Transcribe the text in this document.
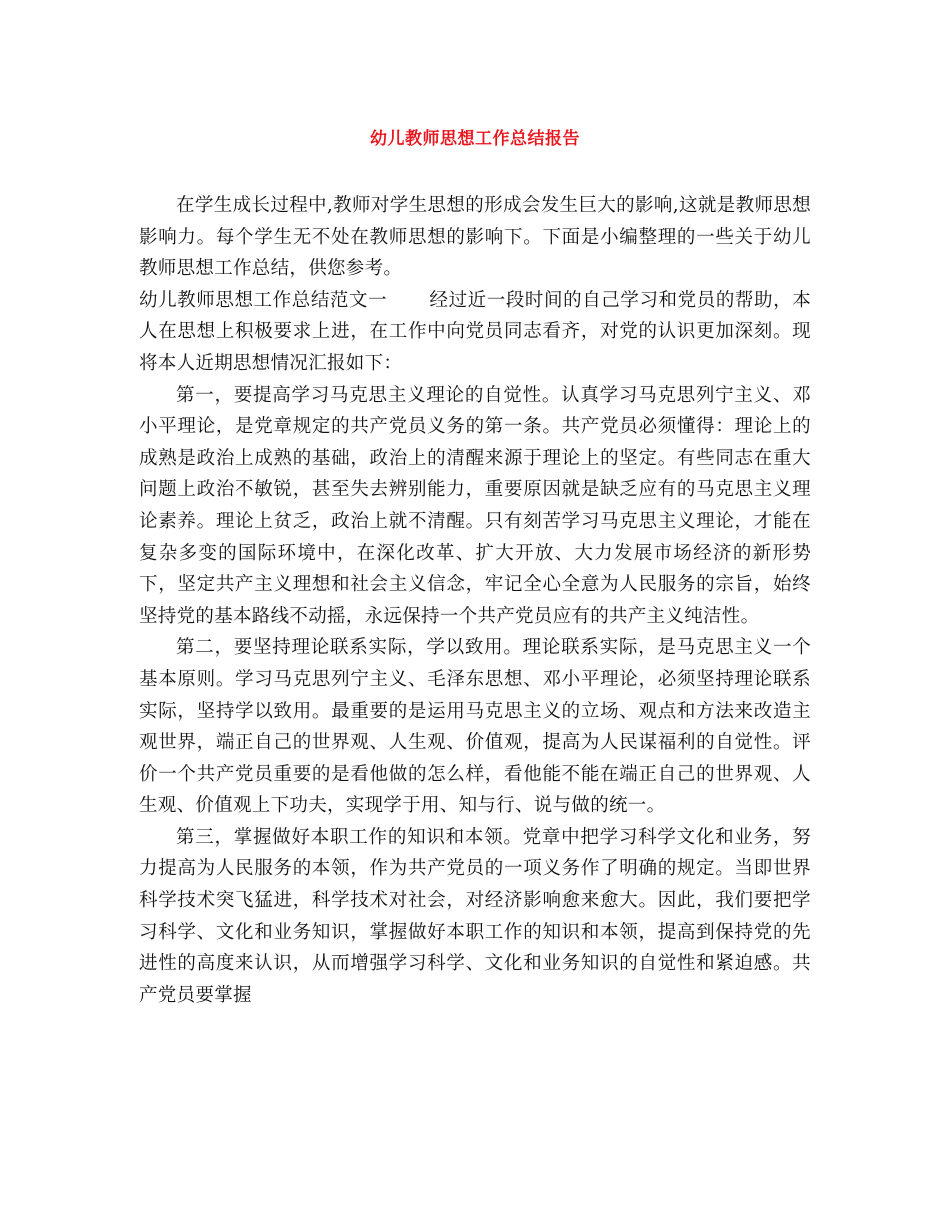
幼儿教师思想工作总结报告

在学生成长过程中,教师对学生思想的形成会发生巨大的影响,这就是教师思想影响力。每个学生无不处在教师思想的影响下。下面是小编整理的一些关于幼儿教师思想工作总结，供您参考。

幼儿教师思想工作总结范文一 经过近一段时间的自己学习和党员的帮助，本人在思想上积极要求上进，在工作中向党员同志看齐，对党的认识更加深刻。现将本人近期思想情况汇报如下：

第一，要提高学习马克思主义理论的自觉性。认真学习马克思列宁主义、邓小平理论，是党章规定的共产党员义务的第一条。共产党员必须懂得：理论上的成熟是政治上成熟的基础，政治上的清醒来源于理论上的坚定。有些同志在重大问题上政治不敏锐，甚至失去辨别能力，重要原因就是缺乏应有的马克思主义理论素养。理论上贫乏，政治上就不清醒。只有刻苦学习马克思主义理论，才能在复杂多变的国际环境中，在深化改革、扩大开放、大力发展市场经济的新形势下，坚定共产主义理想和社会主义信念，牢记全心全意为人民服务的宗旨，始终坚持党的基本路线不动摇，永远保持一个共产党员应有的共产主义纯洁性。

第二，要坚持理论联系实际，学以致用。理论联系实际，是马克思主义一个基本原则。学习马克思列宁主义、毛泽东思想、邓小平理论，必须坚持理论联系实际，坚持学以致用。最重要的是运用马克思主义的立场、观点和方法来改造主观世界，端正自己的世界观、人生观、价值观，提高为人民谋福利的自觉性。评价一个共产党员重要的是看他做的怎么样，看他能不能在端正自己的世界观、人生观、价值观上下功夫，实现学于用、知与行、说与做的统一。

第三，掌握做好本职工作的知识和本领。党章中把学习科学文化和业务，努力提高为人民服务的本领，作为共产党员的一项义务作了明确的规定。当即世界科学技术突飞猛进，科学技术对社会，对经济影响愈来愈大。因此，我们要把学习科学、文化和业务知识，掌握做好本职工作的知识和本领，提高到保持党的先进性的高度来认识，从而增强学习科学、文化和业务知识的自觉性和紧迫感。共产党员要掌握
